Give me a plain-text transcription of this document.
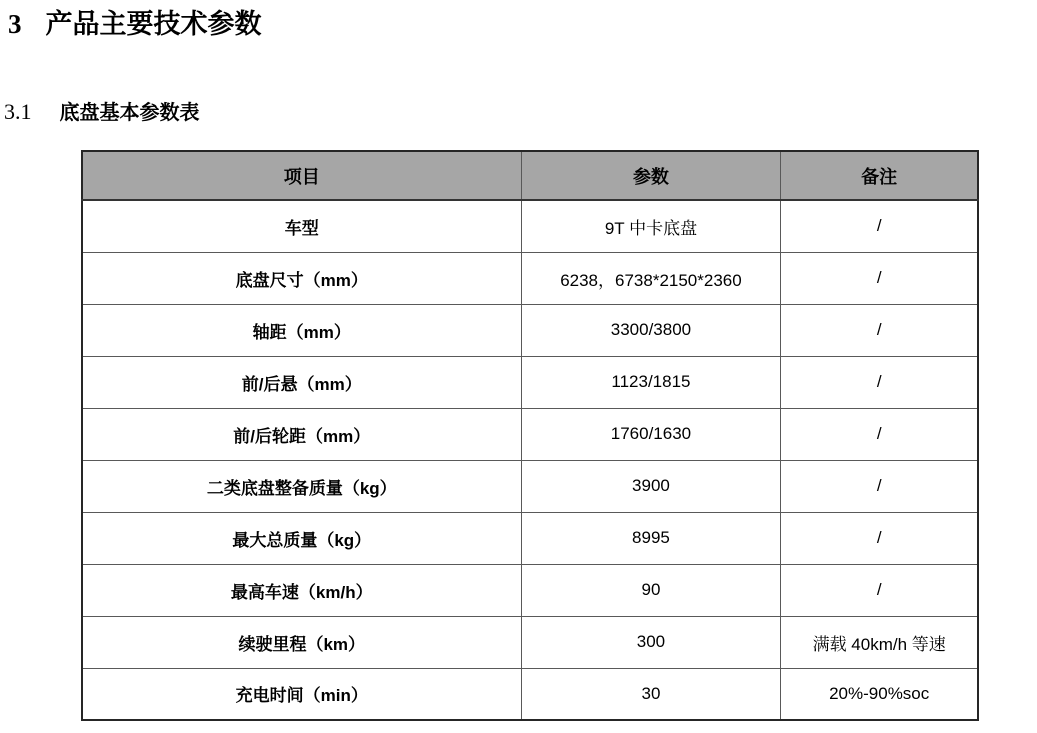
3 产品主要技术参数
3.1 底盘基本参数表
项目	参数	备注
车型	9T 中卡底盘	/
底盘尺寸（mm）	6238，6738*2150*2360	/
轴距（mm）	3300/3800	/
前/后悬（mm）	1123/1815	/
前/后轮距（mm）	1760/1630	/
二类底盘整备质量（kg）	3900	/
最大总质量（kg）	8995	/
最高车速（km/h）	90	/
续驶里程（km）	300	满载 40km/h 等速
充电时间（min）	30	20%-90%soc
